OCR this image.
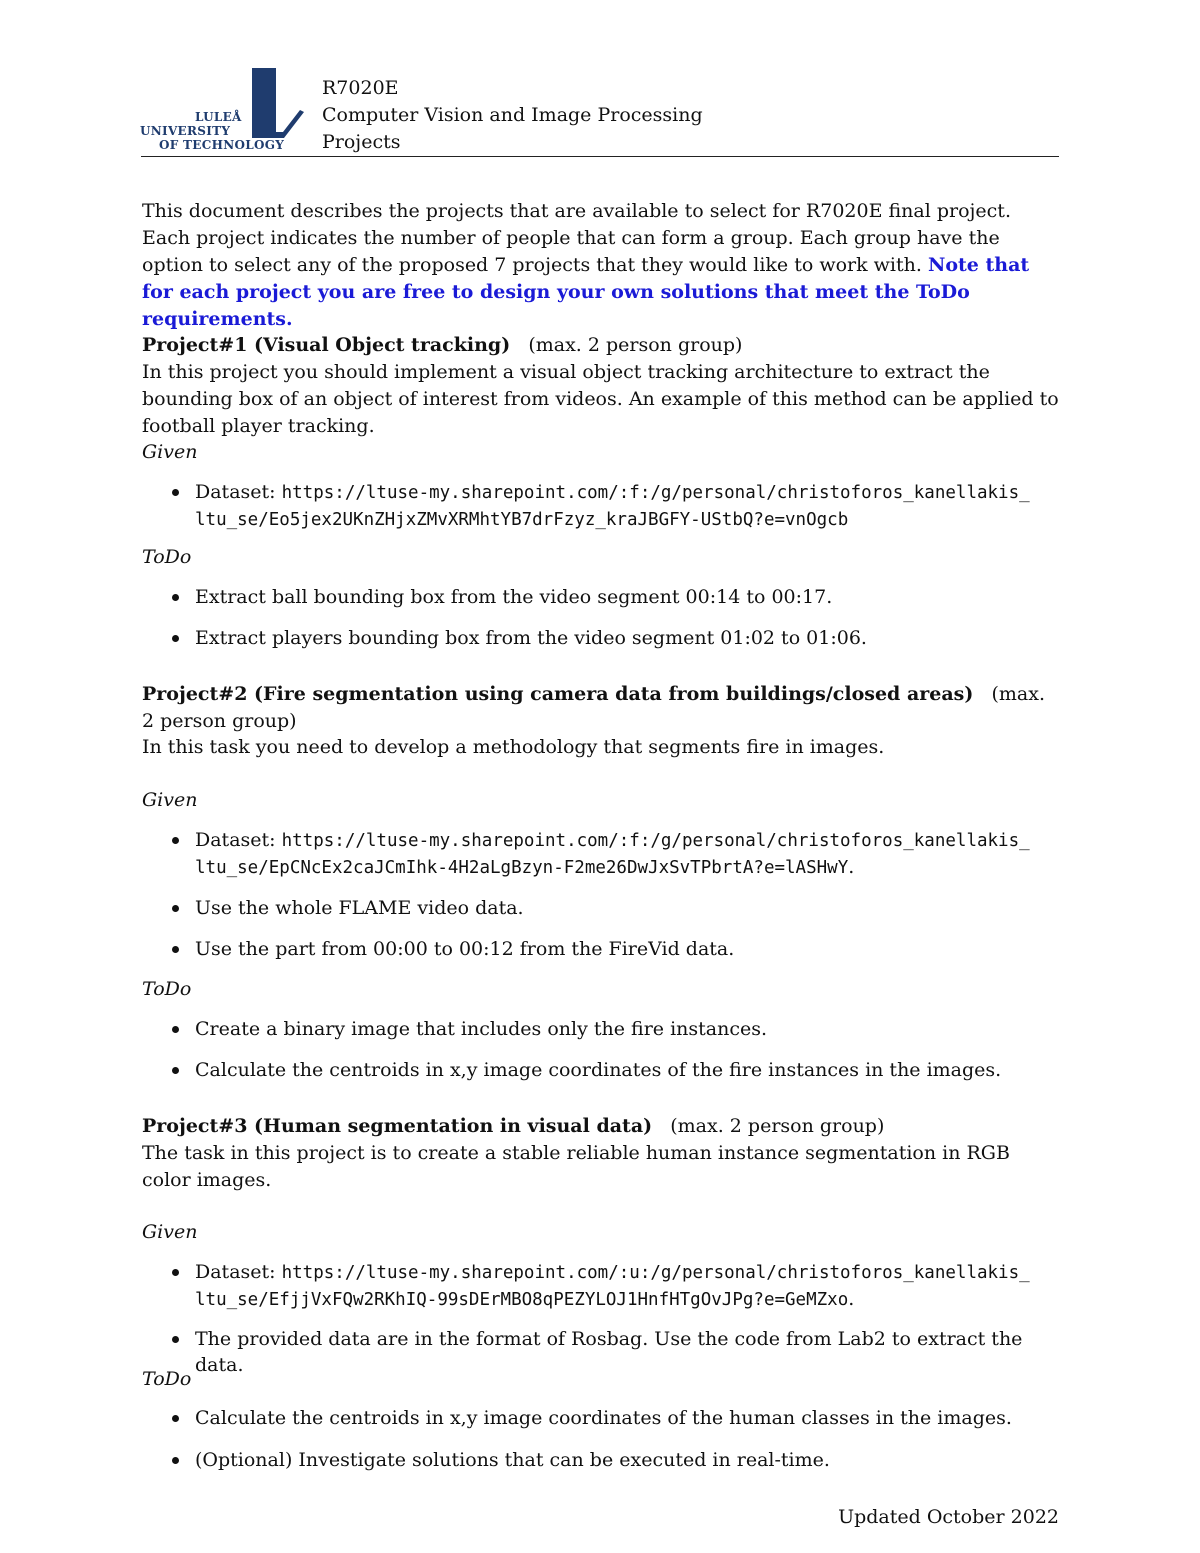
LULEÅ
UNIVERSITY
OF TECHNOLOGY
R7020E
Computer Vision and Image Processing
Projects

This document describes the projects that are available to select for R7020E final project. Each project indicates the number of people that can form a group. Each group have the option to select any of the proposed 7 projects that they would like to work with. Note that for each project you are free to design your own solutions that meet the ToDo requirements.

Project#1 (Visual Object tracking) (max. 2 person group)

In this project you should implement a visual object tracking architecture to extract the bounding box of an object of interest from videos. An example of this method can be applied to football player tracking.
Given
Dataset: https://ltuse-my.sharepoint.com/:f:/g/personal/christoforos_kanellakis_
ltu_se/Eo5jex2UKnZHjxZMvXRMhtYB7drFzyz_kraJBGFY-UStbQ?e=vnOgcb
ToDo
Extract ball bounding box from the video segment 00:14 to 00:17.
Extract players bounding box from the video segment 01:02 to 01:06.

Project#2 (Fire segmentation using camera data from buildings/closed areas) (max.
2 person group)

In this task you need to develop a methodology that segments fire in images.
Given
Dataset: https://ltuse-my.sharepoint.com/:f:/g/personal/christoforos_kanellakis_
ltu_se/EpCNcEx2caJCmIhk-4H2aLgBzyn-F2me26DwJxSvTPbrtA?e=lASHwY.
Use the whole FLAME video data.
Use the part from 00:00 to 00:12 from the FireVid data.
ToDo
Create a binary image that includes only the fire instances.
Calculate the centroids in x,y image coordinates of the fire instances in the images.

Project#3 (Human segmentation in visual data) (max. 2 person group)

The task in this project is to create a stable reliable human instance segmentation in RGB color images.
Given
Dataset: https://ltuse-my.sharepoint.com/:u:/g/personal/christoforos_kanellakis_
ltu_se/EfjjVxFQw2RKhIQ-99sDErMBO8qPEZYLOJ1HnfHTgOvJPg?e=GeMZxo.
The provided data are in the format of Rosbag. Use the code from Lab2 to extract the data.
ToDo
Calculate the centroids in x,y image coordinates of the human classes in the images.
(Optional) Investigate solutions that can be executed in real-time.
Updated October 2022
